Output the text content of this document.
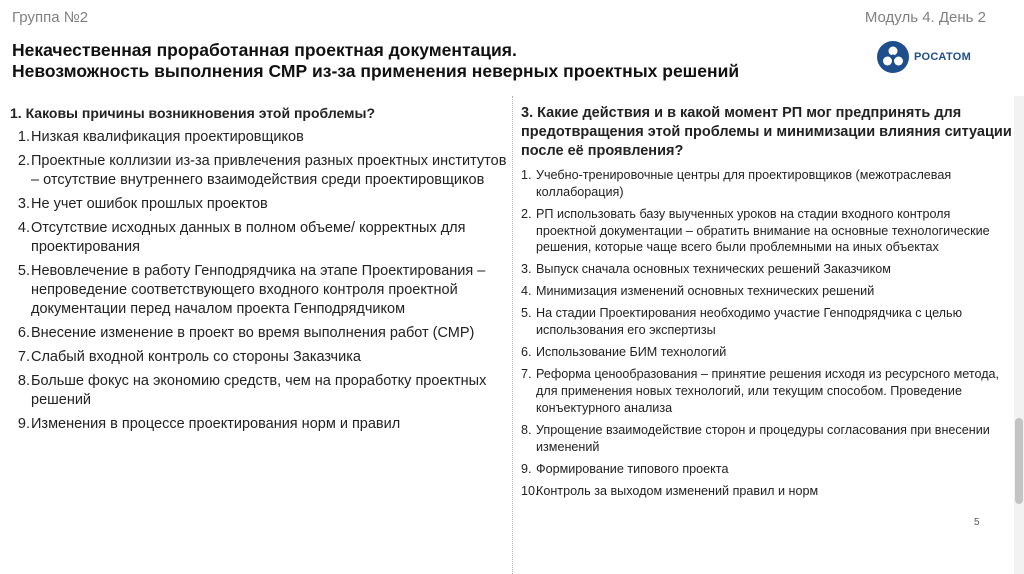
Группа №2	Модуль 4. День 2
Некачественная проработанная проектная документация.
Невозможность выполнения СМР из-за применения неверных проектных решений
РОСАТОМ
1. Каковы причины возникновения этой проблемы?
1. Низкая квалификация проектировщиков
2. Проектные коллизии из-за привлечения разных проектных институтов – отсутствие внутреннего взаимодействия среди проектировщиков
3. Не учет ошибок прошлых проектов
4. Отсутствие исходных данных в полном объеме/ корректных для проектирования
5. Невовлечение в работу Генподрядчика на этапе Проектирования – непроведение соответствующего входного контроля проектной документации перед началом проекта Генподрядчиком
6. Внесение изменение в проект во время выполнения работ (СМР)
7. Слабый входной контроль со стороны Заказчика
8. Больше фокус на экономию средств, чем на проработку проектных решений
9. Изменения в процессе проектирования норм и правил
3. Какие действия и в какой момент РП мог предпринять для предотвращения этой проблемы и минимизации влияния ситуации после её проявления?
1. Учебно-тренировочные центры для проектировщиков (межотраслевая коллаборация)
2. РП использовать базу выученных уроков на стадии входного контроля проектной документации – обратить внимание на основные технологические решения, которые чаще всего были проблемными на иных объектах
3. Выпуск сначала основных технических решений Заказчиком
4. Минимизация изменений основных технических решений
5. На стадии Проектирования необходимо участие Генподрядчика с целью использования его экспертизы
6. Использование БИМ технологий
7. Реформа ценообразования – принятие решения исходя из ресурсного метода, для применения новых технологий, или текущим способом. Проведение конъектурного анализа
8. Упрощение взаимодействие сторон и процедуры согласования при внесении изменений
9. Формирование типового проекта
10.
Контроль за выходом изменений правил и норм
5
